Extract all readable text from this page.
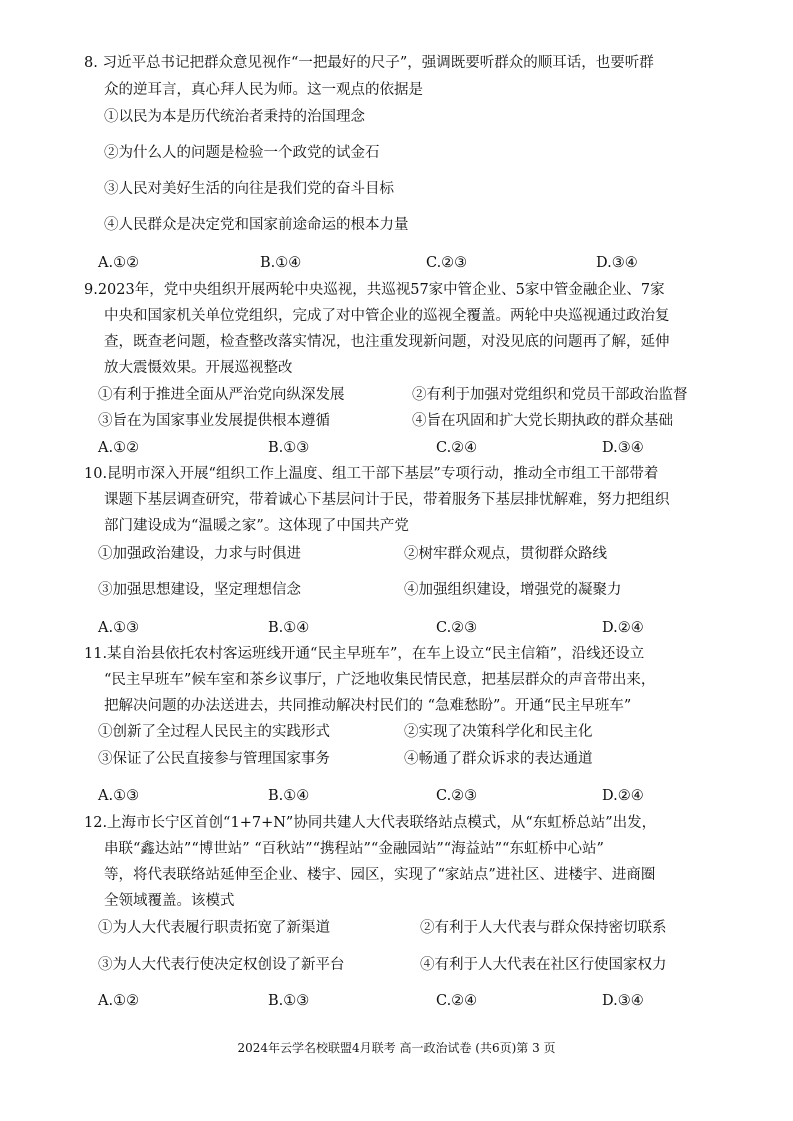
8. 习近平总书记把群众意见视作“一把最好的尺子”，强调既要听群众的顺耳话，也要听群
众的逆耳言，真心拜人民为师。这一观点的依据是
①以民为本是历代统治者秉持的治国理念
②为什么人的问题是检验一个政党的试金石
③人民对美好生活的向往是我们党的奋斗目标
④人民群众是决定党和国家前途命运的根本力量
A.①②	B.①④	C.②③	D.③④
9.2023年，党中央组织开展两轮中央巡视，共巡视57家中管企业、5家中管金融企业、7家
中央和国家机关单位党组织，完成了对中管企业的巡视全覆盖。两轮中央巡视通过政治复
查，既查老问题，检查整改落实情况，也注重发现新问题，对没见底的问题再了解，延伸
放大震慑效果。开展巡视整改
①有利于推进全面从严治党向纵深发展	②有利于加强对党组织和党员干部政治监督
③旨在为国家事业发展提供根本遵循	④旨在巩固和扩大党长期执政的群众基础
A.①②	B.①③	C.②④	D.③④
10.昆明市深入开展“组织工作上温度、组工干部下基层”专项行动，推动全市组工干部带着
课题下基层调查研究，带着诚心下基层问计于民，带着服务下基层排忧解难，努力把组织
部门建设成为“温暖之家”。这体现了中国共产党
①加强政治建设，力求与时俱进	②树牢群众观点，贯彻群众路线
③加强思想建设，坚定理想信念	④加强组织建设，增强党的凝聚力
A.①③	B.①④	C.②③	D.②④
11.某自治县依托农村客运班线开通“民主早班车”，在车上设立“民主信箱”，沿线还设立
“民主早班车”候车室和茶乡议事厅，广泛地收集民情民意，把基层群众的声音带出来，
把解决问题的办法送进去，共同推动解决村民们的 “急难愁盼”。开通“民主早班车”
①创新了全过程人民民主的实践形式	②实现了决策科学化和民主化
③保证了公民直接参与管理国家事务	④畅通了群众诉求的表达通道
A.①③	B.①④	C.②③	D.②④
12.上海市长宁区首创“1+7+N”协同共建人大代表联络站点模式，从“东虹桥总站”出发，
串联“鑫达站”“博世站” “百秋站”“携程站”“金融园站”“海益站”“东虹桥中心站”
等，将代表联络站延伸至企业、楼宇、园区，实现了“家站点”进社区、进楼宇、进商圈
全领域覆盖。该模式
①为人大代表履行职责拓宽了新渠道	②有利于人大代表与群众保持密切联系
③为人大代表行使决定权创设了新平台	④有利于人大代表在社区行使国家权力
A.①②	B.①③	C.②④	D.③④
2024年云学名校联盟4月联考 高一政治试卷 (共6页)第 3 页
